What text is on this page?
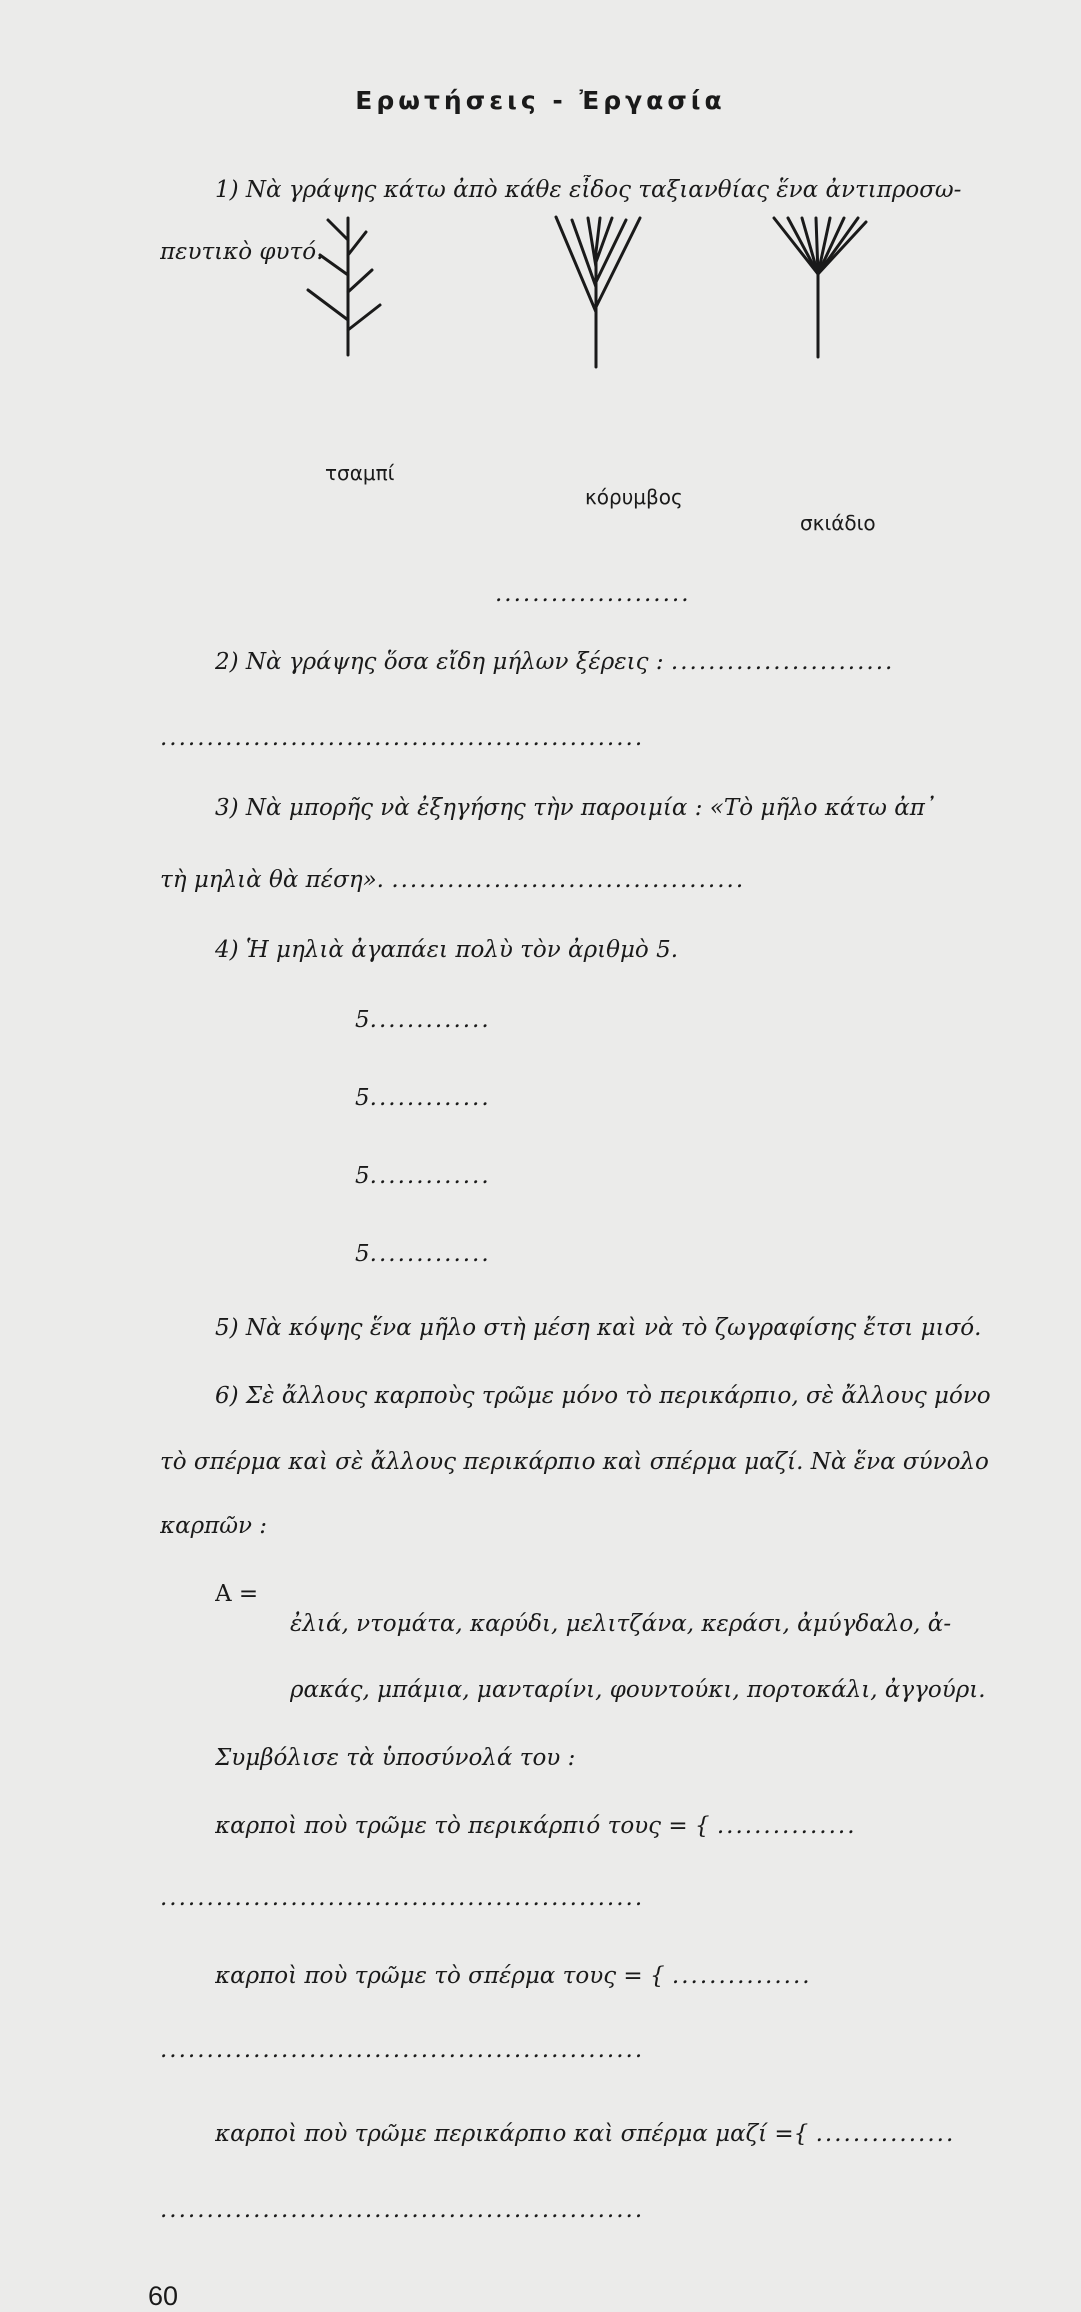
Ερωτήσεις - Ἐργασία
1) Νὰ γράψης κάτω ἀπὸ κάθε εἶδος ταξιανθίας ἕνα ἀντιπροσω-
πευτικὸ φυτό.
τσαμπί
κόρυμβος
σκιάδιο
.....................
2) Νὰ γράψης ὅσα εἴδη μήλων ξέρεις : ........................
....................................................
3) Νὰ μπορῆς νὰ ἐξηγήσης τὴν παροιμία : «Τὸ μῆλο κάτω ἀπ᾿
τὴ μηλιὰ θὰ πέση». ......................................
4) Ἡ μηλιὰ ἀγαπάει πολὺ τὸν ἀριθμὸ 5.
5.............
5.............
5.............
5.............
5) Νὰ κόψης ἕνα μῆλο στὴ μέση καὶ νὰ τὸ ζωγραφίσης ἔτσι μισό.
6) Σὲ ἄλλους καρποὺς τρῶμε μόνο τὸ περικάρπιο, σὲ ἄλλους μόνο
τὸ σπέρμα καὶ σὲ ἄλλους περικάρπιο καὶ σπέρμα μαζί. Νὰ ἕνα σύνολο
καρπῶν :
A =
ἐλιά, ντομάτα, καρύδι, μελιτζάνα, κεράσι, ἀμύγδαλο, ἀ-
ρακάς, μπάμια, μανταρίνι, φουντούκι, πορτοκάλι, ἀγγούρι.
Συμβόλισε τὰ ὑποσύνολά του :
καρποὶ ποὺ τρῶμε τὸ περικάρπιό τους = { ...............
....................................................
καρποὶ ποὺ τρῶμε τὸ σπέρμα τους = { ...............
....................................................
καρποὶ ποὺ τρῶμε περικάρπιο καὶ σπέρμα μαζί ={ ...............
....................................................
60
